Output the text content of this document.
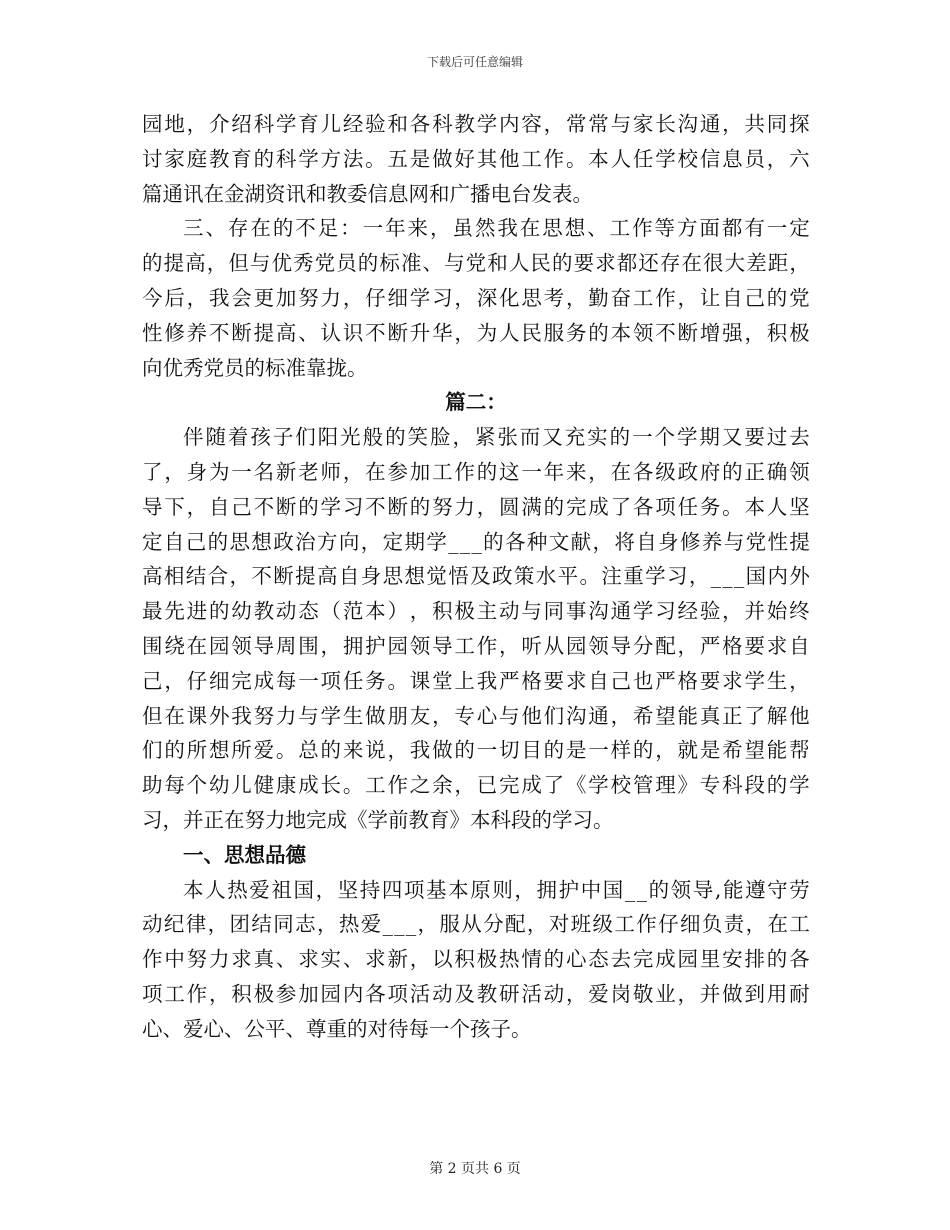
下载后可任意编辑
园 地 ， 介 绍 科 学 育 儿 经 验 和 各 科 教 学 内 容 ， 常 常 与 家 长 沟 通 ， 共 同 探
讨 家 庭 教 育 的 科 学 方 法 。 五 是 做 好 其 他 工 作 。 本 人 任 学 校 信 息 员 ， 六
篇通讯在金湖资讯和教委信息网和广播电台发表。
三 、 存 在 的 不 足 ： 一 年 来 ， 虽 然 我 在 思 想 、 工 作 等 方 面 都 有 一 定
的 提 高 ， 但 与 优 秀 党 员 的 标 准 、 与 党 和 人 民 的 要 求 都 还 存 在 很 大 差 距 ，
今 后 ， 我 会 更 加 努 力 ， 仔 细 学 习 ， 深 化 思 考 ， 勤 奋 工 作 ， 让 自 己 的 党
性 修 养 不 断 提 高 、 认 识 不 断 升 华 ， 为 人 民 服 务 的 本 领 不 断 增 强 ， 积 极
向优秀党员的标准靠拢。
篇二：
伴 随 着 孩 子 们 阳 光 般 的 笑 脸 ， 紧 张 而 又 充 实 的 一 个 学 期 又 要 过 去
了 ， 身 为 一 名 新 老 师 ， 在 参 加 工 作 的 这 一 年 来 ， 在 各 级 政 府 的 正 确 领
导 下 ， 自 己 不 断 的 学 习 不 断 的 努 力 ， 圆 满 的 完 成 了 各 项 任 务 。 本 人 坚
定 自 己 的 思 想 政 治 方 向 ， 定 期 学 _ _ _ 的 各 种 文 献 ， 将 自 身 修 养 与 党 性 提
高 相 结 合 ， 不 断 提 高 自 身 思 想 觉 悟 及 政 策 水 平 。 注 重 学 习 ， _ _ _ 国 内 外
最 先 进 的 幼 教 动 态 （ 范 本 ） ， 积 极 主 动 与 同 事 沟 通 学 习 经 验 ， 并 始 终
围 绕 在 园 领 导 周 围 ， 拥 护 园 领 导 工 作 ， 听 从 园 领 导 分 配 ， 严 格 要 求 自
己 ， 仔 细 完 成 每 一 项 任 务 。 课 堂 上 我 严 格 要 求 自 己 也 严 格 要 求 学 生 ，
但 在 课 外 我 努 力 与 学 生 做 朋 友 ， 专 心 与 他 们 沟 通 ， 希 望 能 真 正 了 解 他
们 的 所 想 所 爱 。 总 的 来 说 ， 我 做 的 一 切 目 的 是 一 样 的 ， 就 是 希 望 能 帮
助 每 个 幼 儿 健 康 成 长 。 工 作 之 余 ， 已 完 成 了 《 学 校 管 理 》 专 科 段 的 学
习，并正在努力地完成《学前教育》本科段的学习。
一、思想品德
本 人 热 爱 祖 国 ， 坚 持 四 项 基 本 原 则 ， 拥 护 中 国 _ _ 的 领 导 , 能 遵 守 劳
动 纪 律 ， 团 结 同 志 ， 热 爱 _ _ _ ， 服 从 分 配 ， 对 班 级 工 作 仔 细 负 责 ， 在 工
作 中 努 力 求 真 、 求 实 、 求 新 ， 以 积 极 热 情 的 心 态 去 完 成 园 里 安 排 的 各
项 工 作 ， 积 极 参 加 园 内 各 项 活 动 及 教 研 活 动 ， 爱 岗 敬 业 ， 并 做 到 用 耐
心、爱心、公平、尊重的对待每一个孩子。
第 2 页共 6 页
